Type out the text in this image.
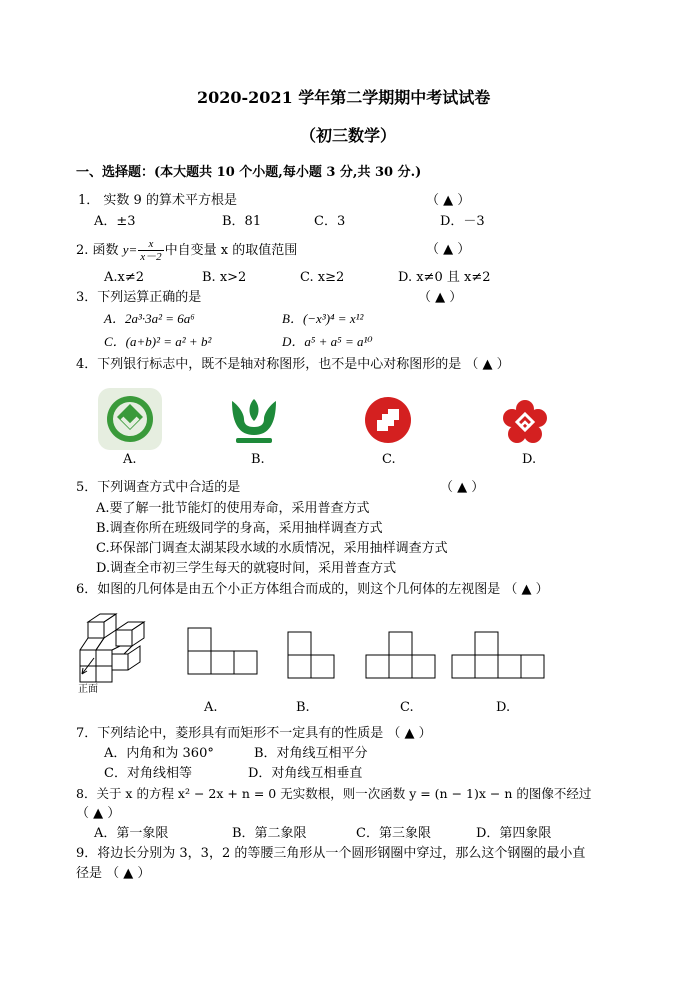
2020-2021 学年第二学期期中考试试卷
（初三数学）
一、选择题：(本大题共 10 个小题,每小题 3 分,共 30 分.)
1． 实数 9 的算术平方根是	（ ▲ ）
A．±3	B．81	C．3	D．－3
2. 函数 $y= \frac{x}{x-2}$ 中自变量 x 的取值范围	（ ▲ ）
A.x≠2	B. x>2	C. x≥2	D. x≠0 且 x≠2
3．下列运算正确的是	（ ▲ ）
A．2a³·3a² = 6a⁶	B．(−x³)⁴ = x¹²
C．(a+b)² = a² + b²	D．a⁵ + a⁵ = a¹⁰
4．下列银行标志中，既不是轴对称图形，也不是中心对称图形的是 （ ▲ ）
A.	B.	C.	D.
5．下列调查方式中合适的是	（ ▲ ）
A.要了解一批节能灯的使用寿命，采用普查方式
B.调查你所在班级同学的身高，采用抽样调查方式
C.环保部门调查太湖某段水域的水质情况，采用抽样调查方式
D.调查全市初三学生每天的就寝时间，采用普查方式
6．如图的几何体是由五个小正方体组合而成的，则这个几何体的左视图是 （ ▲ ）
正面
A.	B.	C.	D.
7．下列结论中，菱形具有而矩形不一定具有的性质是 （ ▲ ）
A．内角和为 360°	B．对角线互相平分
C．对角线相等	D．对角线互相垂直
8．关于 x 的方程 x² − 2x + n = 0 无实数根，则一次函数 y = (n − 1)x − n 的图像不经过
（ ▲ ）
A．第一象限	B．第二象限	C．第三象限	D．第四象限
9．将边长分别为 3，3，2 的等腰三角形从一个圆形钢圈中穿过，那么这个钢圈的最小直
径是 （ ▲ ）
